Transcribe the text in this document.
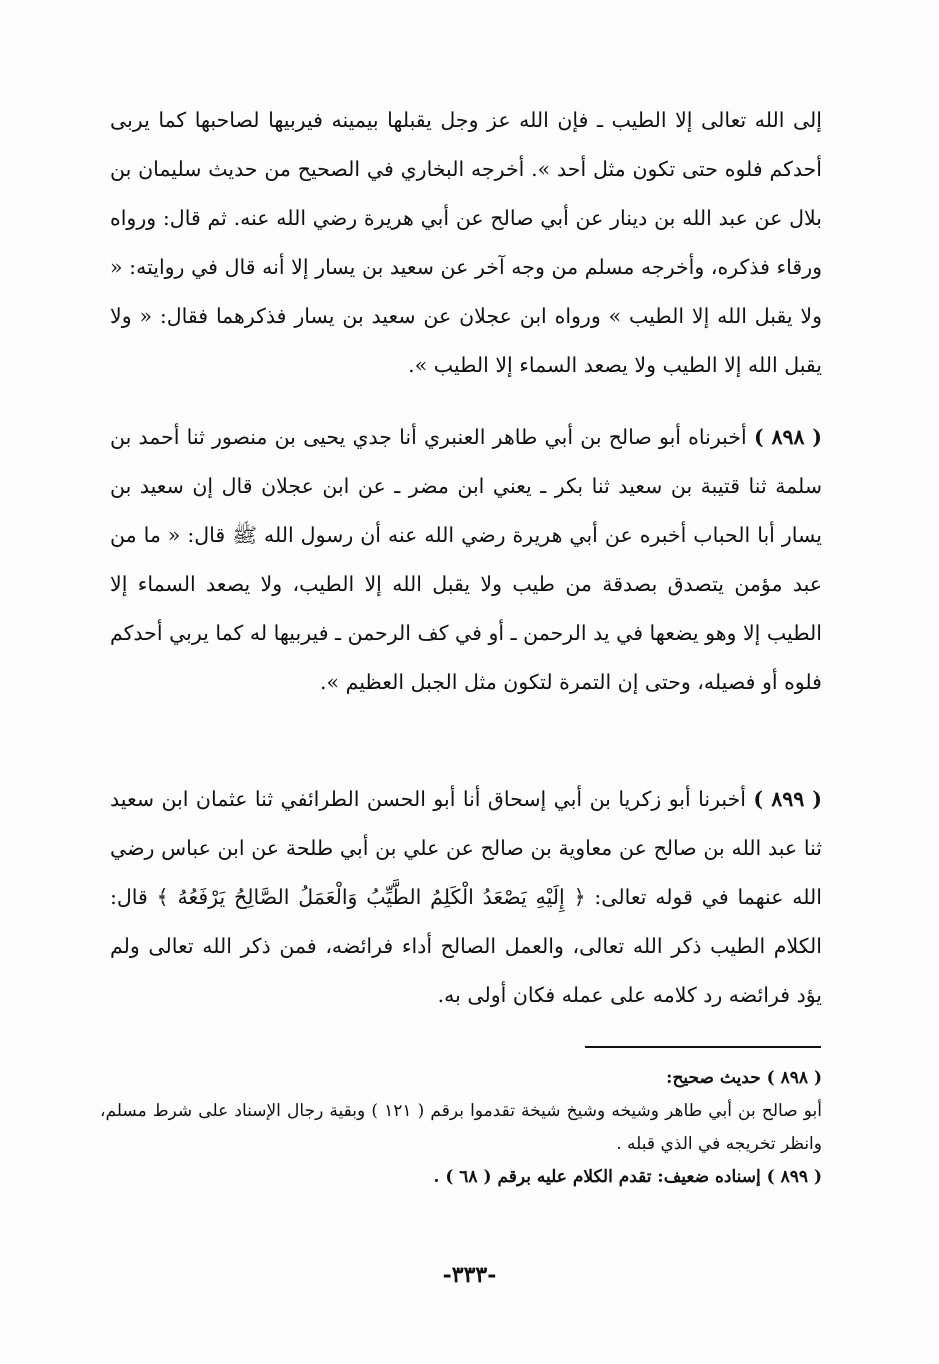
إلى الله تعالى إلا الطيب ـ فإن الله عز وجل يقبلها بيمينه فيربيها لصاحبها كما يربى أحدكم فلوه حتى تكون مثل أحد ». أخرجه البخاري في الصحيح من حديث سليمان بن بلال عن عبد الله بن دينار عن أبي صالح عن أبي هريرة رضي الله عنه. ثم قال: ورواه ورقاء فذكره، وأخرجه مسلم من وجه آخر عن سعيد بن يسار إلا أنه قال في روايته: « ولا يقبل الله إلا الطيب » ورواه ابن عجلان عن سعيد بن يسار فذكرهما فقال: « ولا يقبل الله إلا الطيب ولا يصعد السماء إلا الطيب ».

( ٨٩٨ ) أخبرناه أبو صالح بن أبي طاهر العنبري أنا جدي يحيى بن منصور ثنا أحمد بن سلمة ثنا قتيبة بن سعيد ثنا بكر ـ يعني ابن مضر ـ عن ابن عجلان قال إن سعيد بن يسار أبا الحباب أخبره عن أبي هريرة رضي الله عنه أن رسول الله ﷺ قال: « ما من عبد مؤمن يتصدق بصدقة من طيب ولا يقبل الله إلا الطيب، ولا يصعد السماء إلا الطيب إلا وهو يضعها في يد الرحمن ـ أو في كف الرحمن ـ فيربيها له كما يربي أحدكم فلوه أو فصيله، وحتى إن التمرة لتكون مثل الجبل العظيم ».

( ٨٩٩ ) أخبرنا أبو زكريا بن أبي إسحاق أنا أبو الحسن الطرائفي ثنا عثمان ابن سعيد ثنا عبد الله بن صالح عن معاوية بن صالح عن علي بن أبي طلحة عن ابن عباس رضي الله عنهما في قوله تعالى: ﴿ إِلَيْهِ يَصْعَدُ الْكَلِمُ الطَّيِّبُ وَالْعَمَلُ الصَّالِحُ يَرْفَعُهُ ﴾ قال: الكلام الطيب ذكر الله تعالى، والعمل الصالح أداء فرائضه، فمن ذكر الله تعالى ولم يؤد فرائضه رد كلامه على عمله فكان أولى به.

( ٨٩٨ ) حديث صحيح:

أبو صالح بن أبي طاهر وشيخه وشيخ شيخة تقدموا برقم ( ١٢١ ) وبقية رجال الإسناد على شرط مسلم، وانظر تخريجه في الذي قبله .

( ٨٩٩ ) إسناده ضعيف: تقدم الكلام عليه برقم ( ٦٨ ) .

-٣٣٣-
